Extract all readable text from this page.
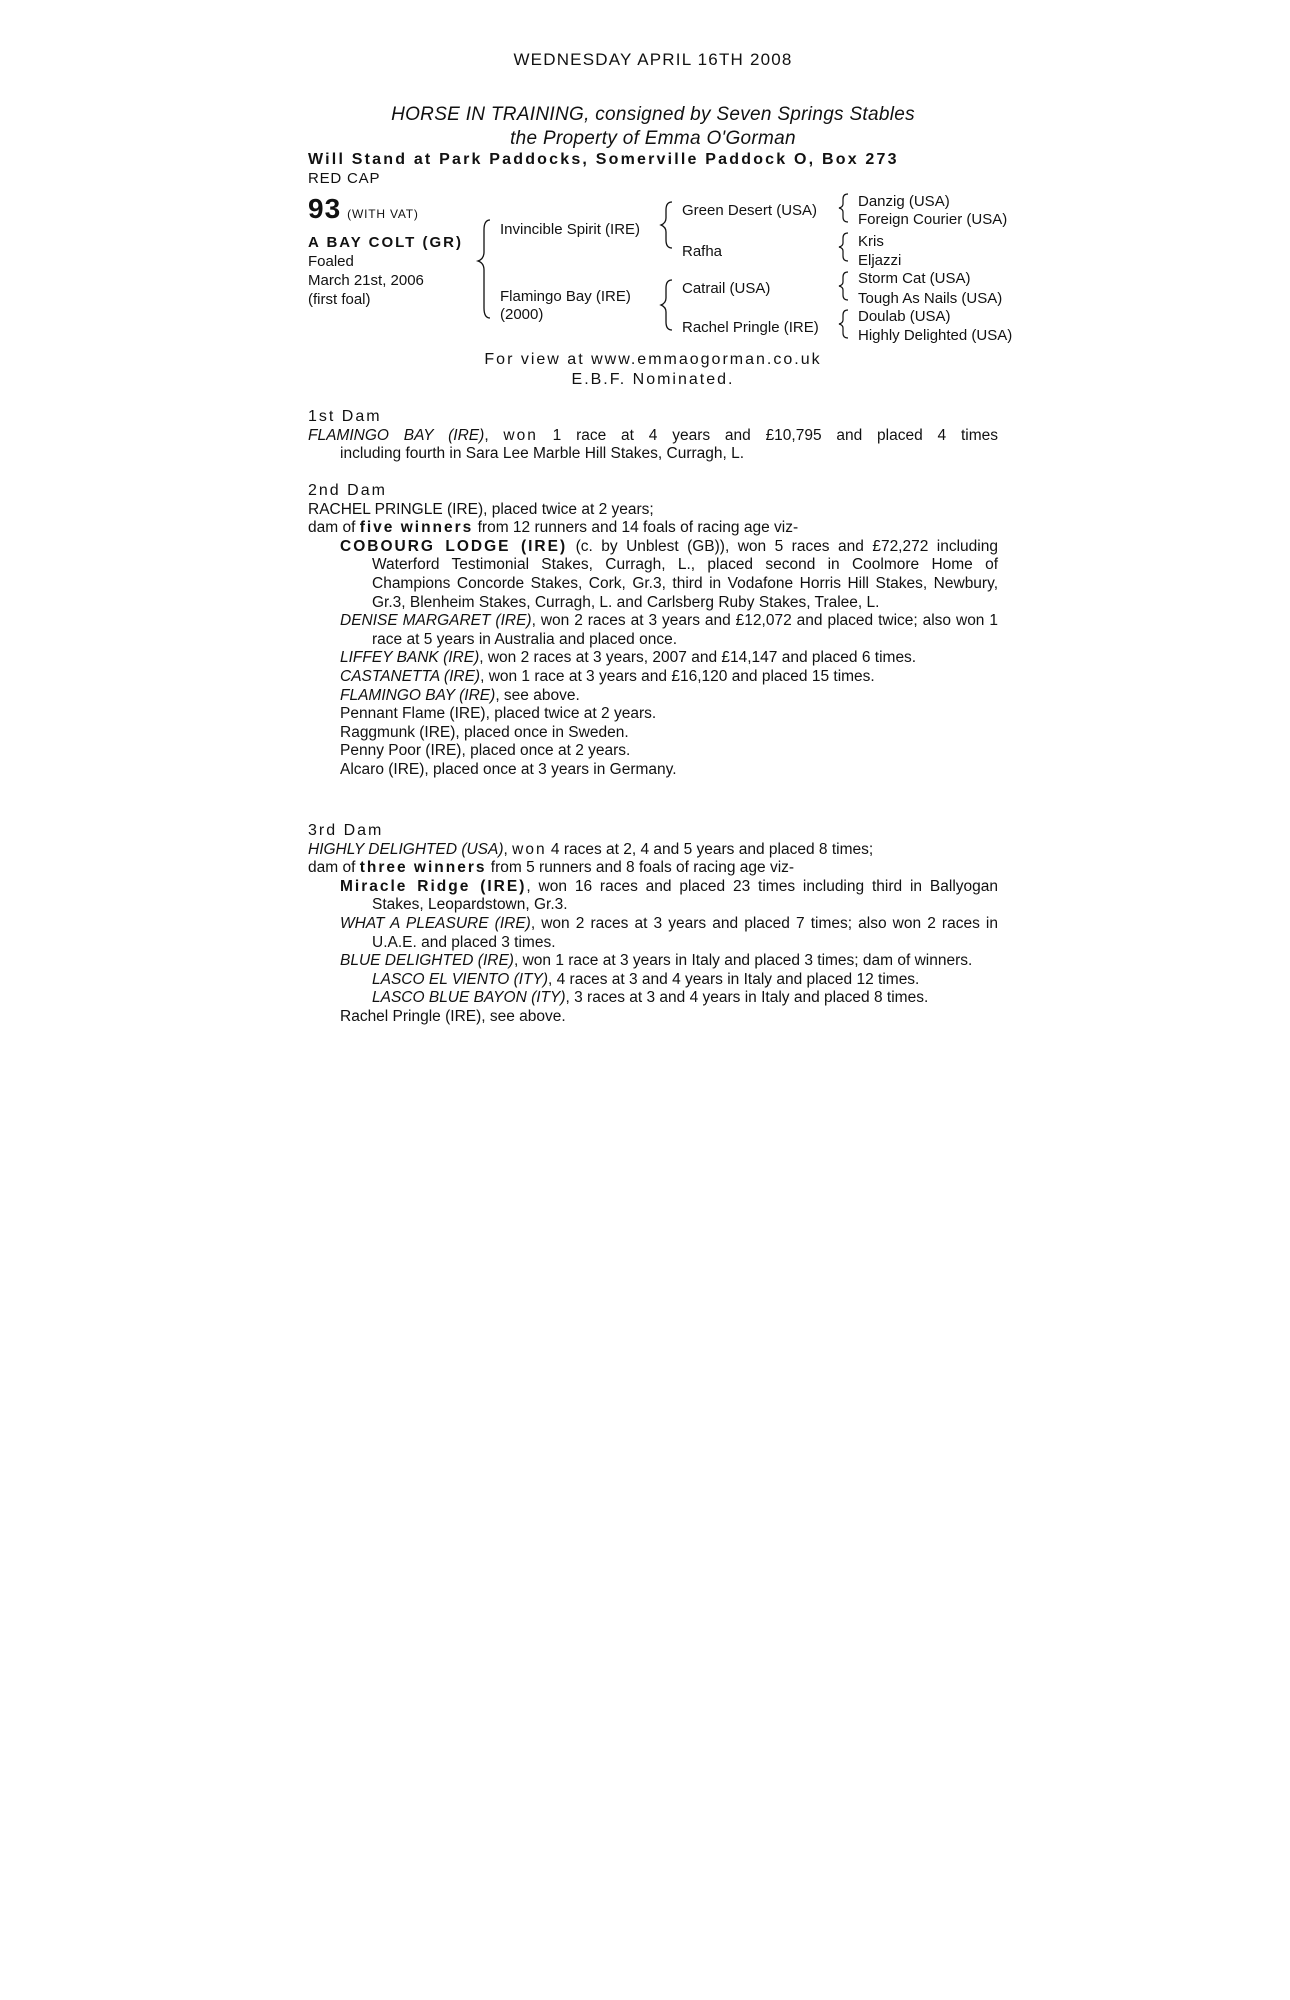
WEDNESDAY APRIL 16TH 2008
HORSE IN TRAINING, consigned by Seven Springs Stables
the Property of Emma O'Gorman
Will Stand at Park Paddocks, Somerville Paddock O, Box 273
RED CAP
93 (WITH VAT)
A BAY COLT (GR)
Foaled
March 21st, 2006
(first foal)
Invincible Spirit (IRE)
Flamingo Bay (IRE)
(2000)
Green Desert (USA)
Rafha
Catrail (USA)
Rachel Pringle (IRE)
Danzig (USA)
Foreign Courier (USA)
Kris
Eljazzi
Storm Cat (USA)
Tough As Nails (USA)
Doulab (USA)
Highly Delighted (USA)
For view at www.emmaogorman.co.uk
E.B.F. Nominated.
1st Dam

FLAMINGO BAY (IRE), won 1 race at 4 years and £10,795 and placed 4 times

including fourth in Sara Lee Marble Hill Stakes, Curragh, L.

2nd Dam

RACHEL PRINGLE (IRE), placed twice at 2 years;

dam of five winners from 12 runners and 14 foals of racing age viz-

COBOURG LODGE (IRE) (c. by Unblest (GB)), won 5 races and £72,272 including Waterford Testimonial Stakes, Curragh, L., placed second in Coolmore Home of Champions Concorde Stakes, Cork, Gr.3, third in Vodafone Horris Hill Stakes, Newbury, Gr.3, Blenheim Stakes, Curragh, L. and Carlsberg Ruby Stakes, Tralee, L.

DENISE MARGARET (IRE), won 2 races at 3 years and £12,072 and placed twice; also won 1 race at 5 years in Australia and placed once.

LIFFEY BANK (IRE), won 2 races at 3 years, 2007 and £14,147 and placed 6 times.

CASTANETTA (IRE), won 1 race at 3 years and £16,120 and placed 15 times.

FLAMINGO BAY (IRE), see above.

Pennant Flame (IRE), placed twice at 2 years.

Raggmunk (IRE), placed once in Sweden.

Penny Poor (IRE), placed once at 2 years.

Alcaro (IRE), placed once at 3 years in Germany.

3rd Dam

HIGHLY DELIGHTED (USA), won 4 races at 2, 4 and 5 years and placed 8 times;

dam of three winners from 5 runners and 8 foals of racing age viz-

Miracle Ridge (IRE), won 16 races and placed 23 times including third in Ballyogan Stakes, Leopardstown, Gr.3.

WHAT A PLEASURE (IRE), won 2 races at 3 years and placed 7 times; also won 2 races in U.A.E. and placed 3 times.

BLUE DELIGHTED (IRE), won 1 race at 3 years in Italy and placed 3 times; dam of winners.

LASCO EL VIENTO (ITY), 4 races at 3 and 4 years in Italy and placed 12 times.

LASCO BLUE BAYON (ITY), 3 races at 3 and 4 years in Italy and placed 8 times.

Rachel Pringle (IRE), see above.
